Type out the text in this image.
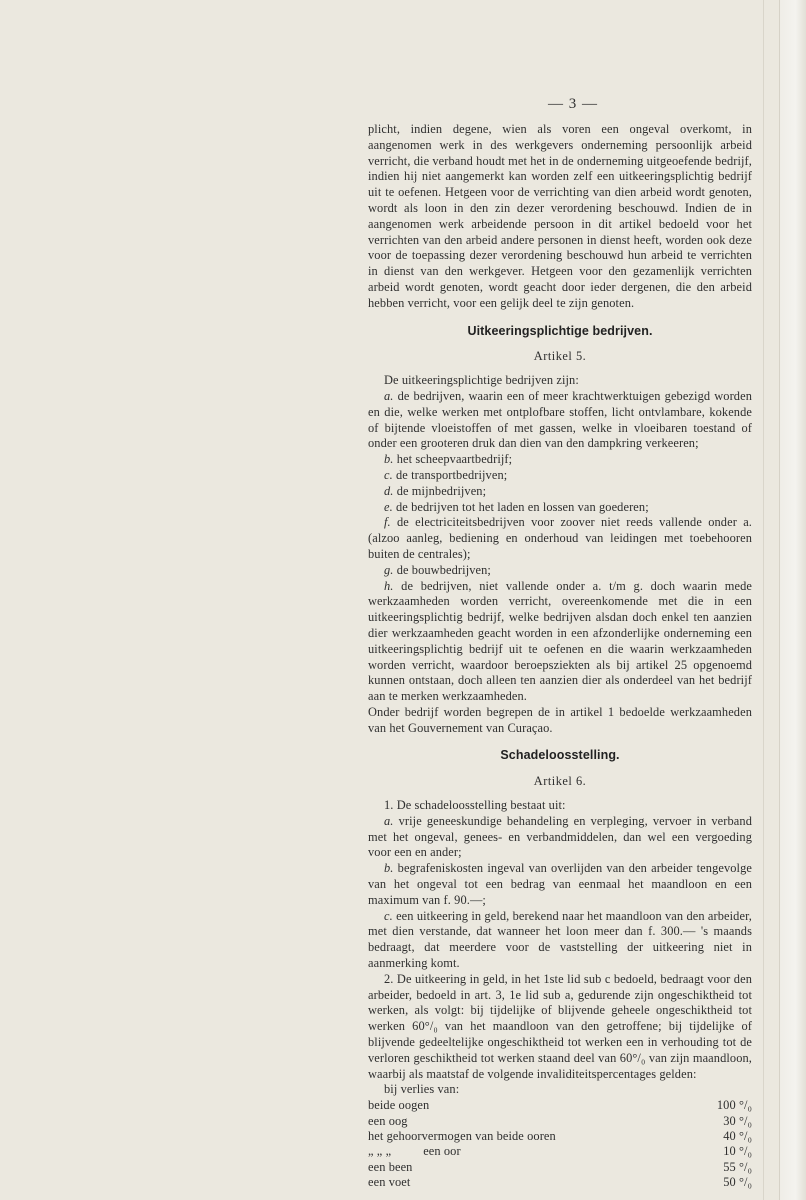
— 3 —

plicht, indien degene, wien als voren een ongeval overkomt, in aangenomen werk in des werkgevers onderneming persoonlijk arbeid verricht, die verband houdt met het in de onderneming uitgeoefende bedrijf, indien hij niet aangemerkt kan worden zelf een uitkeeringsplichtig bedrijf uit te oefenen. Hetgeen voor de verrichting van dien arbeid wordt genoten, wordt als loon in den zin dezer verordening beschouwd. Indien de in aangenomen werk arbeidende persoon in dit artikel bedoeld voor het verrichten van den arbeid andere personen in dienst heeft, worden ook deze voor de toepassing dezer verordening beschouwd hun arbeid te verrichten in dienst van den werkgever. Hetgeen voor den gezamenlijk verrichten arbeid wordt genoten, wordt geacht door ieder dergenen, die den arbeid hebben verricht, voor een gelijk deel te zijn genoten.

Uitkeeringsplichtige bedrijven.
Artikel 5.

De uitkeeringsplichtige bedrijven zijn:

a. de bedrijven, waarin een of meer krachtwerktuigen gebezigd worden en die, welke werken met ontplofbare stoffen, licht ontvlambare, kokende of bijtende vloeistoffen of met gassen, welke in vloeibaren toestand of onder een grooteren druk dan dien van den dampkring verkeeren;

b. het scheepvaartbedrijf;

c. de transportbedrijven;

d. de mijnbedrijven;

e. de bedrijven tot het laden en lossen van goederen;

f. de electriciteitsbedrijven voor zoover niet reeds vallende onder a. (alzoo aanleg, bediening en onderhoud van leidingen met toebehooren buiten de centrales);

g. de bouwbedrijven;

h. de bedrijven, niet vallende onder a. t/m g. doch waarin mede werkzaamheden worden verricht, overeenkomende met die in een uitkeeringsplichtig bedrijf, welke bedrijven alsdan doch enkel ten aanzien dier werkzaamheden geacht worden in een afzonderlijke onderneming een uitkeeringsplichtig bedrijf uit te oefenen en die waarin werkzaamheden worden verricht, waardoor beroepsziekten als bij artikel 25 opgenoemd kunnen ontstaan, doch alleen ten aanzien dier als onderdeel van het bedrijf aan te merken werkzaamheden.

Onder bedrijf worden begrepen de in artikel 1 bedoelde werkzaamheden van het Gouvernement van Curaçao.

Schadeloosstelling.
Artikel 6.

1. De schadeloosstelling bestaat uit:

a. vrije geneeskundige behandeling en verpleging, vervoer in verband met het ongeval, genees- en verbandmiddelen, dan wel een vergoeding voor een en ander;

b. begrafeniskosten ingeval van overlijden van den arbeider tengevolge van het ongeval tot een bedrag van eenmaal het maandloon en een maximum van f. 90.—;

c. een uitkeering in geld, berekend naar het maandloon van den arbeider, met dien verstande, dat wanneer het loon meer dan f. 300.— 's maands bedraagt, dat meerdere voor de vaststelling der uitkeering niet in aanmerking komt.

2. De uitkeering in geld, in het 1ste lid sub c bedoeld, bedraagt voor den arbeider, bedoeld in art. 3, 1e lid sub a, gedurende zijn ongeschiktheid tot werken, als volgt: bij tijdelijke of blijvende geheele ongeschiktheid tot werken 60°/₀ van het maandloon van den getroffene; bij tijdelijke of blijvende gedeeltelijke ongeschiktheid tot werken een in verhouding tot de verloren geschiktheid tot werken staand deel van 60°/₀ van zijn maandloon, waarbij als maatstaf de volgende invaliditeitspercentages gelden:

bij verlies van:

beide oogen	100 °/₀
een oog	30 °/₀
het gehoorvermogen van beide ooren	40 °/₀
„ „ „ een oor	10 °/₀
een been	55 °/₀
een voet	50 °/₀
